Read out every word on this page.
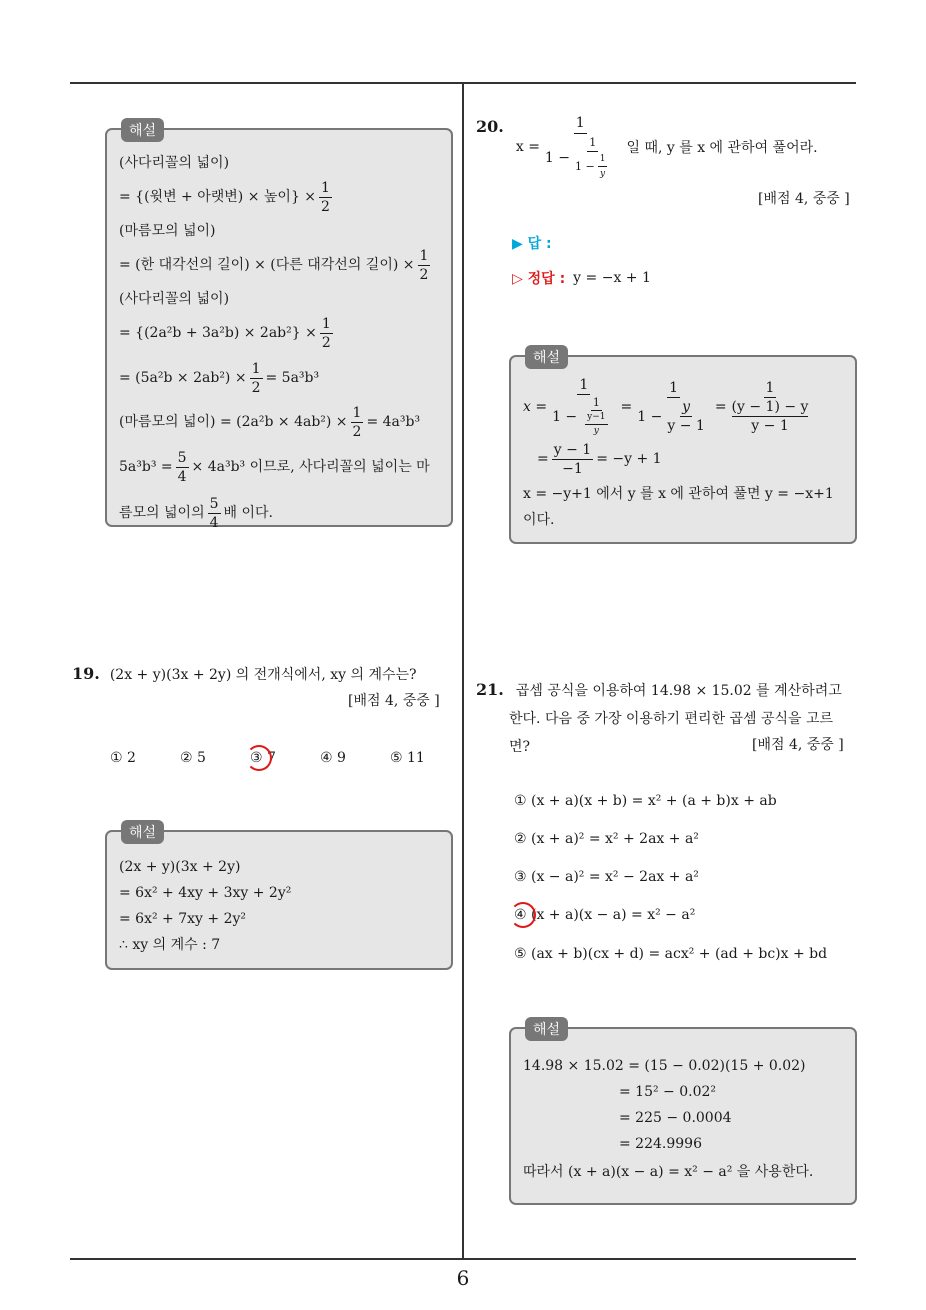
6
해설
(사다리꼴의 넓이)
= {(윗변 + 아랫변) × 높이} × $\frac{1}{2}$
(마름모의 넓이)
= (한 대각선의 길이) × (다른 대각선의 길이) × $\frac{1}{2}$
(사다리꼴의 넓이)
= $\{(2a^2b + 3a^2b) \times 2ab^2\} \times \frac{1}{2}$
= $(5a^2b \times 2ab^2) \times \frac{1}{2} = 5a^3b^3$
(마름모의 넓이) = $(2a^2b \times 4ab^2) \times \frac{1}{2} = 4a^3b^3$
$5a^3b^3 = \frac{5}{4} \times 4a^3b^3$ 이므로, 사다리꼴의 넓이는 마
름모의 넓이의 $\frac{5}{4}$ 배 이다.
19. (2x + y)(3x + 2y) 의 전개식에서, xy 의 계수는?
[배점 4, 중중 ]
① 2	② 5	③ 7	④ 9	⑤ 11
해설
(2x + y)(3x + 2y)
= 6x² + 4xy + 3xy + 2y²
= 6x² + 7xy + 2y²
∴ xy 의 계수 : 7
20.
$x = \frac{1}{1 - \frac{1}{1 - \frac{1}{y}}}$ 일 때, y 를 x 에 관하여 풀어라.
[배점 4, 중중 ]
▶ 답 :
▷ 정답 : y = −x + 1
해설
$x = \frac{1}{1 - \frac{1}{\frac{y-1}{y}}} = \frac{1}{1 - \frac{y}{y - 1}} = 1$
(y − 1) − y
y − 1
= $\frac{y - 1}{-1} = -y + 1$
x = −y+1 에서 y 를 x 에 관하여 풀면 y = −x+1
이다.
21. 곱셈 공식을 이용하여 14.98 × 15.02 를 계산하려고
한다. 다음 중 가장 이용하기 편리한 곱셈 공식을 고르
면?	[배점 4, 중중 ]
① (x + a)(x + b) = x² + (a + b)x + ab
② (x + a)² = x² + 2ax + a²
③ (x − a)² = x² − 2ax + a²
④ (x + a)(x − a) = x² − a²
⑤ (ax + b)(cx + d) = acx² + (ad + bc)x + bd
해설
14.98 × 15.02 = (15 − 0.02)(15 + 0.02)
= 15² − 0.02²
= 225 − 0.0004
= 224.9996
따라서 (x + a)(x − a) = x² − a² 을 사용한다.
